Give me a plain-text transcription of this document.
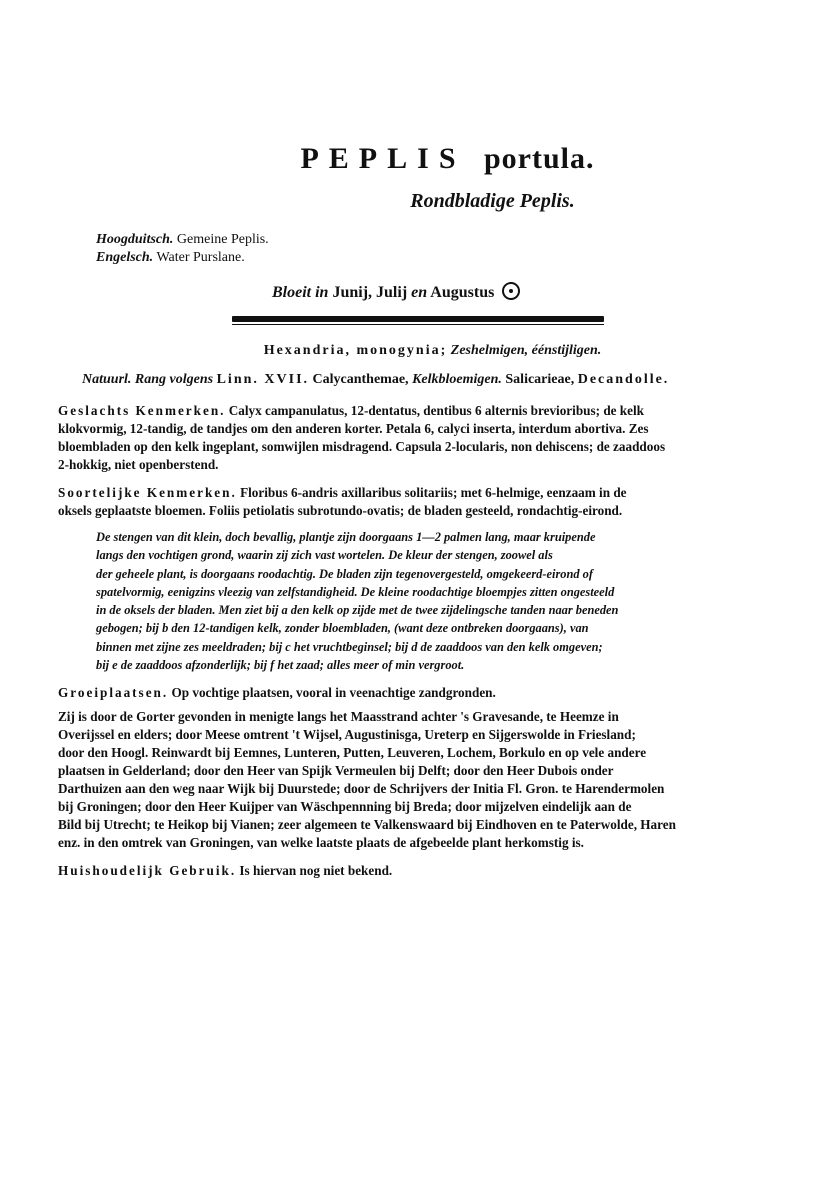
PEPLIS portula.
Rondbladige Peplis.
Hoogduitsch. Gemeine Peplis.
Engelsch. Water Purslane.
Bloeit in Junij, Julij en Augustus
Hexandria, monogynia; Zeshelmigen, éénstijligen.
Natuurl. Rang volgens Linn. XVII. Calycanthemae, Kelkbloemigen. Salicarieae, Decandolle.
Geslachts Kenmerken. Calyx campanulatus, 12-dentatus, dentibus 6 alternis brevioribus; de kelk
klokvormig, 12-tandig, de tandjes om den anderen korter. Petala 6, calyci inserta, interdum abortiva. Zes
bloembladen op den kelk ingeplant, somwijlen misdragend. Capsula 2-locularis, non dehiscens; de zaaddoos
2-hokkig, niet openberstend.
Soortelijke Kenmerken. Floribus 6-andris axillaribus solitariis; met 6-helmige, eenzaam in de
oksels geplaatste bloemen. Foliis petiolatis subrotundo-ovatis; de bladen gesteeld, rondachtig-eirond.
De stengen van dit klein, doch bevallig, plantje zijn doorgaans 1—2 palmen lang, maar kruipende
langs den vochtigen grond, waarin zij zich vast wortelen. De kleur der stengen, zoowel als
der geheele plant, is doorgaans roodachtig. De bladen zijn tegenovergesteld, omgekeerd-eirond of
spatelvormig, eenigzins vleezig van zelfstandigheid. De kleine roodachtige bloempjes zitten ongesteeld
in de oksels der bladen. Men ziet bij a den kelk op zijde met de twee zijdelingsche tanden naar beneden
gebogen; bij b den 12-tandigen kelk, zonder bloembladen, (want deze ontbreken doorgaans), van
binnen met zijne zes meeldraden; bij c het vruchtbeginsel; bij d de zaaddoos van den kelk omgeven;
bij e de zaaddoos afzonderlijk; bij f het zaad; alles meer of min vergroot.
Groeiplaatsen. Op vochtige plaatsen, vooral in veenachtige zandgronden.
Zij is door de Gorter gevonden in menigte langs het Maasstrand achter 's Gravesande, te Heemze in
Overijssel en elders; door Meese omtrent 't Wijsel, Augustinisga, Ureterp en Sijgerswolde in Friesland;
door den Hoogl. Reinwardt bij Eemnes, Lunteren, Putten, Leuveren, Lochem, Borkulo en op vele andere
plaatsen in Gelderland; door den Heer van Spijk Vermeulen bij Delft; door den Heer Dubois onder
Darthuizen aan den weg naar Wijk bij Duurstede; door de Schrijvers der Initia Fl. Gron. te Harendermolen
bij Groningen; door den Heer Kuijper van Wäschpennning bij Breda; door mijzelven eindelijk aan de
Bild bij Utrecht; te Heikop bij Vianen; zeer algemeen te Valkenswaard bij Eindhoven en te Paterwolde, Haren
enz. in den omtrek van Groningen, van welke laatste plaats de afgebeelde plant herkomstig is.
Huishoudelijk Gebruik. Is hiervan nog niet bekend.
